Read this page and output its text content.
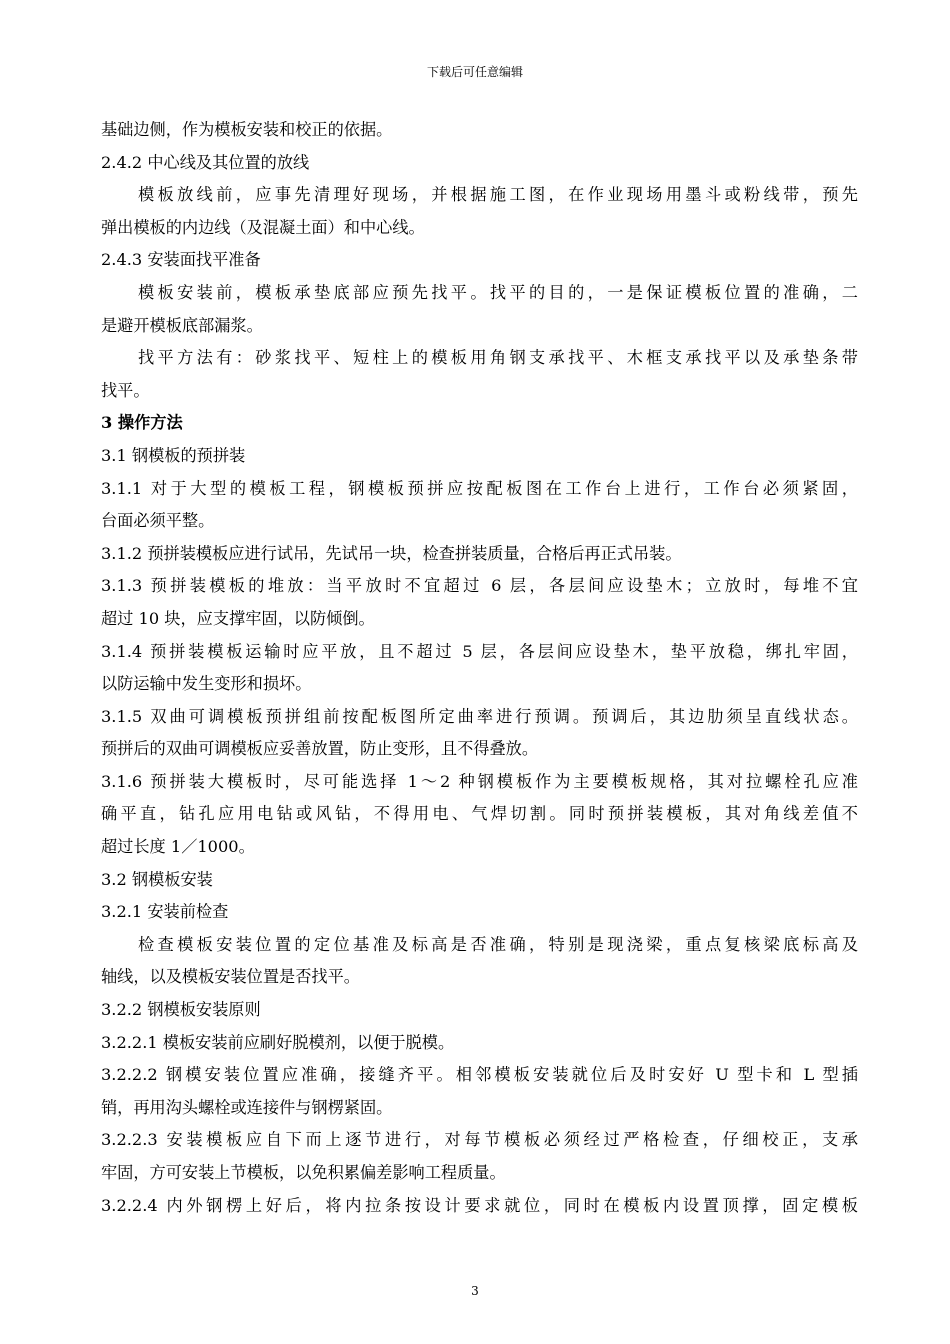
下载后可任意编辑
基础边侧，作为模板安装和校正的依据。
2.4.2 中心线及其位置的放线
模板放线前，应事先清理好现场，并根据施工图，在作业现场用墨斗或粉线带，预先
弹出模板的内边线（及混凝土面）和中心线。
2.4.3 安装面找平准备
模板安装前，模板承垫底部应预先找平。找平的目的，一是保证模板位置的准确，二
是避开模板底部漏浆。
找平方法有：砂浆找平、短柱上的模板用角钢支承找平、木框支承找平以及承垫条带
找平。
3 操作方法
3.1 钢模板的预拼装
3.1.1 对于大型的模板工程，钢模板预拼应按配板图在工作台上进行，工作台必须紧固，
台面必须平整。
3.1.2 预拼装模板应进行试吊，先试吊一块，检查拼装质量，合格后再正式吊装。
3.1.3 预拼装模板的堆放：当平放时不宜超过 6 层，各层间应设垫木；立放时，每堆不宜
超过 10 块，应支撑牢固，以防倾倒。
3.1.4 预拼装模板运输时应平放，且不超过 5 层，各层间应设垫木，垫平放稳，绑扎牢固，
以防运输中发生变形和损坏。
3.1.5 双曲可调模板预拼组前按配板图所定曲率进行预调。预调后，其边肋须呈直线状态。
预拼后的双曲可调模板应妥善放置，防止变形，且不得叠放。
3.1.6 预拼装大模板时，尽可能选择 1～2 种钢模板作为主要模板规格，其对拉螺栓孔应准
确平直，钻孔应用电钻或风钻，不得用电、气焊切割。同时预拼装模板，其对角线差值不
超过长度 1／1000。
3.2 钢模板安装
3.2.1 安装前检查
检查模板安装位置的定位基准及标高是否准确，特别是现浇梁，重点复核梁底标高及
轴线，以及模板安装位置是否找平。
3.2.2 钢模板安装原则
3.2.2.1 模板安装前应刷好脱模剂，以便于脱模。
3.2.2.2 钢模安装位置应准确，接缝齐平。相邻模板安装就位后及时安好 U 型卡和 L 型插
销，再用沟头螺栓或连接件与钢楞紧固。
3.2.2.3 安装模板应自下而上逐节进行，对每节模板必须经过严格检查，仔细校正，支承
牢固，方可安装上节模板，以免积累偏差影响工程质量。
3.2.2.4 内外钢楞上好后，将内拉条按设计要求就位，同时在模板内设置顶撑，固定模板
3
